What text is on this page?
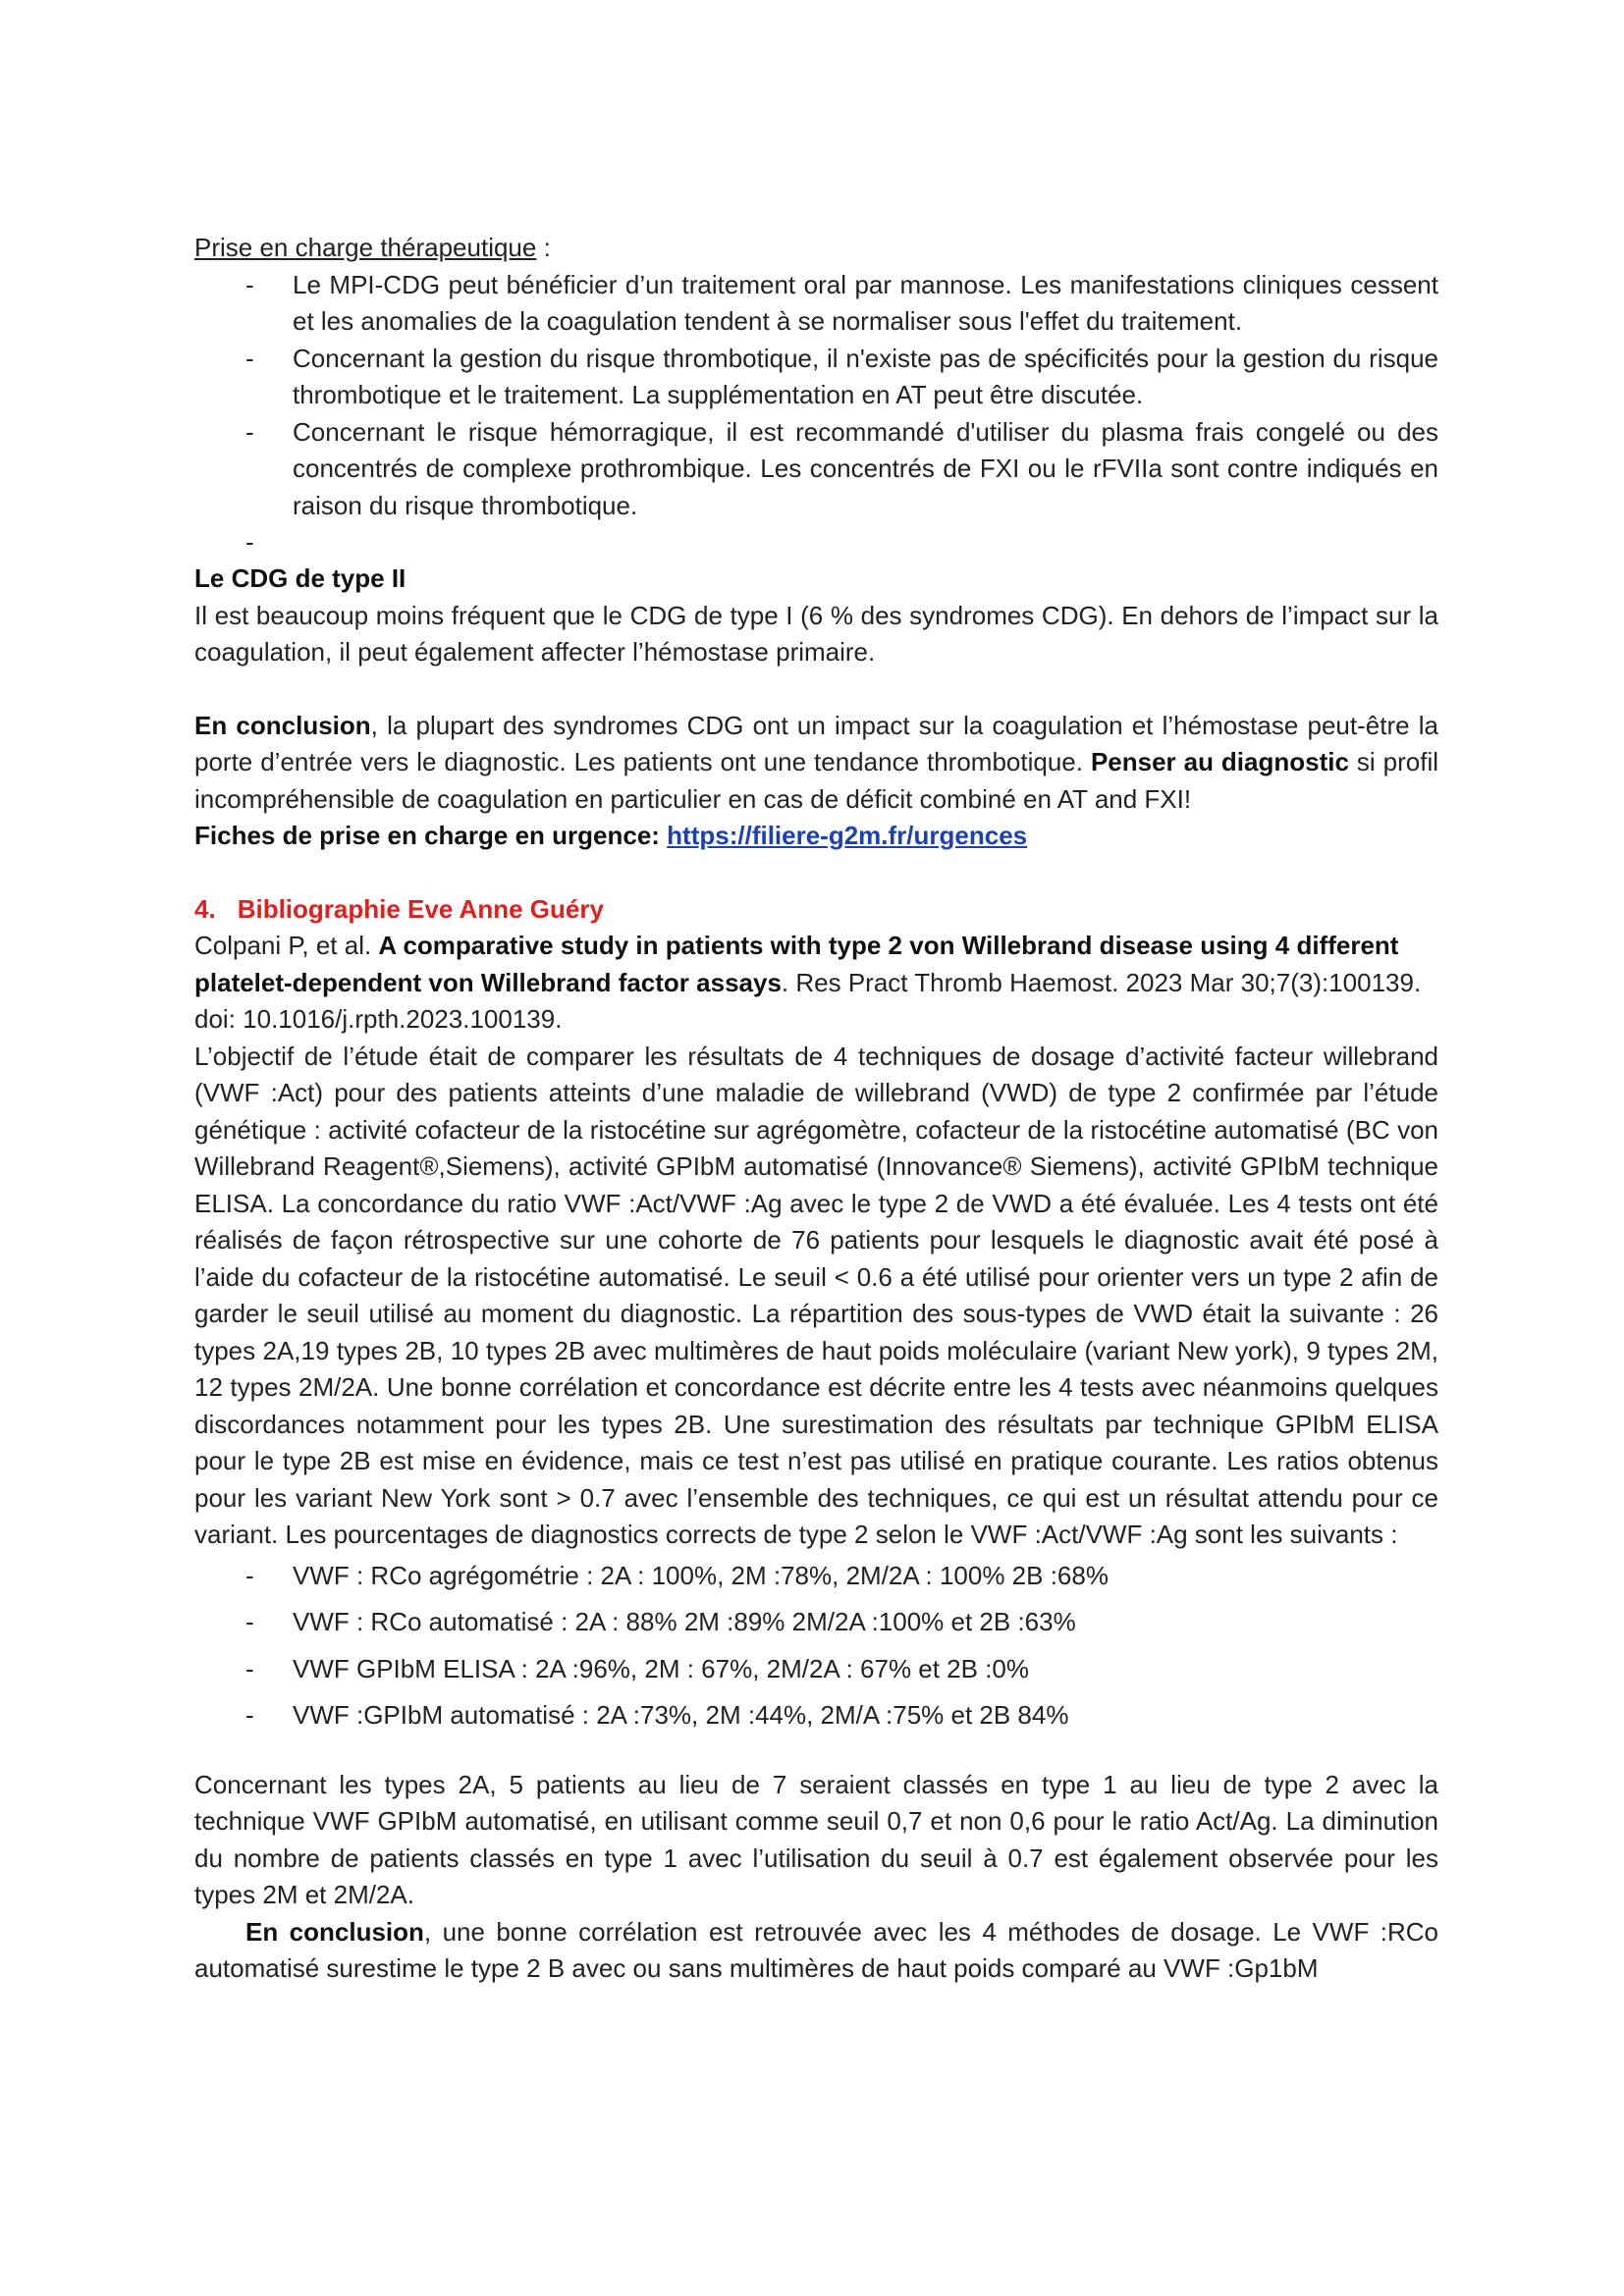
Prise en charge thérapeutique :

- Le MPI-CDG peut bénéficier d’un traitement oral par mannose. Les manifestations cliniques cessent et les anomalies de la coagulation tendent à se normaliser sous l'effet du traitement.
- Concernant la gestion du risque thrombotique, il n'existe pas de spécificités pour la gestion du risque thrombotique et le traitement. La supplémentation en AT peut être discutée.
- Concernant le risque hémorragique, il est recommandé d'utiliser du plasma frais congelé ou des concentrés de complexe prothrombique. Les concentrés de FXI ou le rFVIIa sont contre indiqués en raison du risque thrombotique.

-

Le CDG de type II

Il est beaucoup moins fréquent que le CDG de type I (6 % des syndromes CDG). En dehors de l’impact sur la coagulation, il peut également affecter l’hémostase primaire.

En conclusion, la plupart des syndromes CDG ont un impact sur la coagulation et l’hémostase peut-être la porte d’entrée vers le diagnostic. Les patients ont une tendance thrombotique. Penser au diagnostic si profil incompréhensible de coagulation en particulier en cas de déficit combiné en AT and FXI!

Fiches de prise en charge en urgence: https://filiere-g2m.fr/urgences

4. Bibliographie Eve Anne Guéry

Colpani P, et al. A comparative study in patients with type 2 von Willebrand disease using 4 different platelet-dependent von Willebrand factor assays. Res Pract Thromb Haemost. 2023 Mar 30;7(3):100139. doi: 10.1016/j.rpth.2023.100139.

L’objectif de l’étude était de comparer les résultats de 4 techniques de dosage d’activité facteur willebrand (VWF :Act) pour des patients atteints d’une maladie de willebrand (VWD) de type 2 confirmée par l’étude génétique : activité cofacteur de la ristocétine sur agrégomètre, cofacteur de la ristocétine automatisé (BC von Willebrand Reagent®,Siemens), activité GPIbM automatisé (Innovance® Siemens), activité GPIbM technique ELISA. La concordance du ratio VWF :Act/VWF :Ag avec le type 2 de VWD a été évaluée. Les 4 tests ont été réalisés de façon rétrospective sur une cohorte de 76 patients pour lesquels le diagnostic avait été posé à l’aide du cofacteur de la ristocétine automatisé. Le seuil < 0.6 a été utilisé pour orienter vers un type 2 afin de garder le seuil utilisé au moment du diagnostic. La répartition des sous-types de VWD était la suivante : 26 types 2A,19 types 2B, 10 types 2B avec multimères de haut poids moléculaire (variant New york), 9 types 2M, 12 types 2M/2A. Une bonne corrélation et concordance est décrite entre les 4 tests avec néanmoins quelques discordances notamment pour les types 2B. Une surestimation des résultats par technique GPIbM ELISA pour le type 2B est mise en évidence, mais ce test n’est pas utilisé en pratique courante. Les ratios obtenus pour les variant New York sont > 0.7 avec l’ensemble des techniques, ce qui est un résultat attendu pour ce variant. Les pourcentages de diagnostics corrects de type 2 selon le VWF :Act/VWF :Ag sont les suivants :

- VWF : RCo agrégométrie : 2A : 100%, 2M :78%, 2M/2A : 100% 2B :68%
- VWF : RCo automatisé : 2A : 88% 2M :89% 2M/2A :100% et 2B :63%
- VWF GPIbM ELISA : 2A :96%, 2M : 67%, 2M/2A : 67% et 2B :0%
- VWF :GPIbM automatisé : 2A :73%, 2M :44%, 2M/A :75% et 2B 84%

Concernant les types 2A, 5 patients au lieu de 7 seraient classés en type 1 au lieu de type 2 avec la technique VWF GPIbM automatisé, en utilisant comme seuil 0,7 et non 0,6 pour le ratio Act/Ag. La diminution du nombre de patients classés en type 1 avec l’utilisation du seuil à 0.7 est également observée pour les types 2M et 2M/2A.

En conclusion, une bonne corrélation est retrouvée avec les 4 méthodes de dosage. Le VWF :RCo automatisé surestime le type 2 B avec ou sans multimères de haut poids comparé au VWF :Gp1bM
